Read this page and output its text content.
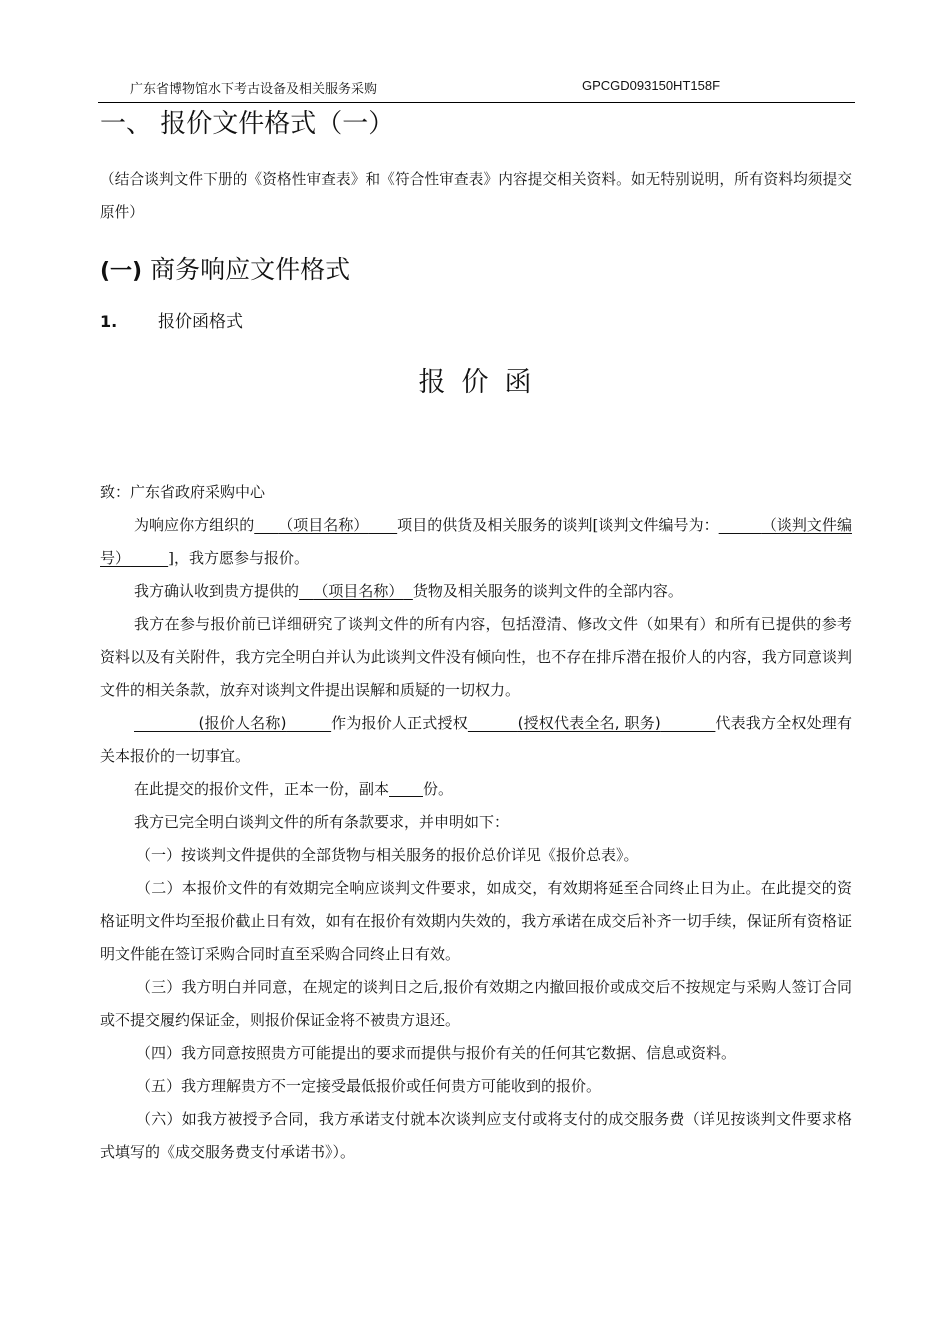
广东省博物馆水下考古设备及相关服务采购	GPCGD093150HT158F
一、 报价文件格式（一）
（结合谈判文件下册的《资格性审查表》和《符合性审查表》内容提交相关资料。如无特别说明，所有资料均须提交原件）
(一) 商务响应文件格式
1. 报价函格式
报价函

致：广东省政府采购中心

为响应你方组织的 （项目名称） 项目的供货及相关服务的谈判[谈判文件编号为：	（谈判文件编号）	]，我方愿参与报价。

我方确认收到贵方提供的 （项目名称） 货物及相关服务的谈判文件的全部内容。

我方在参与报价前已详细研究了谈判文件的所有内容，包括澄清、修改文件（如果有）和所有已提供的参考资料以及有关附件，我方完全明白并认为此谈判文件没有倾向性，也不存在排斥潜在报价人的内容，我方同意谈判文件的相关条款，放弃对谈判文件提出误解和质疑的一切权力。

(报价人名称)	作为报价人正式授权	(授权代表全名, 职务)	代表我方全权处理有关本报价的一切事宜。

在此提交的报价文件，正本一份，副本 份。

我方已完全明白谈判文件的所有条款要求，并申明如下：

（一）按谈判文件提供的全部货物与相关服务的报价总价详见《报价总表》。

（二）本报价文件的有效期完全响应谈判文件要求，如成交，有效期将延至合同终止日为止。在此提交的资格证明文件均至报价截止日有效，如有在报价有效期内失效的，我方承诺在成交后补齐一切手续，保证所有资格证明文件能在签订采购合同时直至采购合同终止日有效。

（三）我方明白并同意，在规定的谈判日之后,报价有效期之内撤回报价或成交后不按规定与采购人签订合同或不提交履约保证金，则报价保证金将不被贵方退还。

（四）我方同意按照贵方可能提出的要求而提供与报价有关的任何其它数据、信息或资料。

（五）我方理解贵方不一定接受最低报价或任何贵方可能收到的报价。

（六）如我方被授予合同，我方承诺支付就本次谈判应支付或将支付的成交服务费（详见按谈判文件要求格式填写的《成交服务费支付承诺书》）。
